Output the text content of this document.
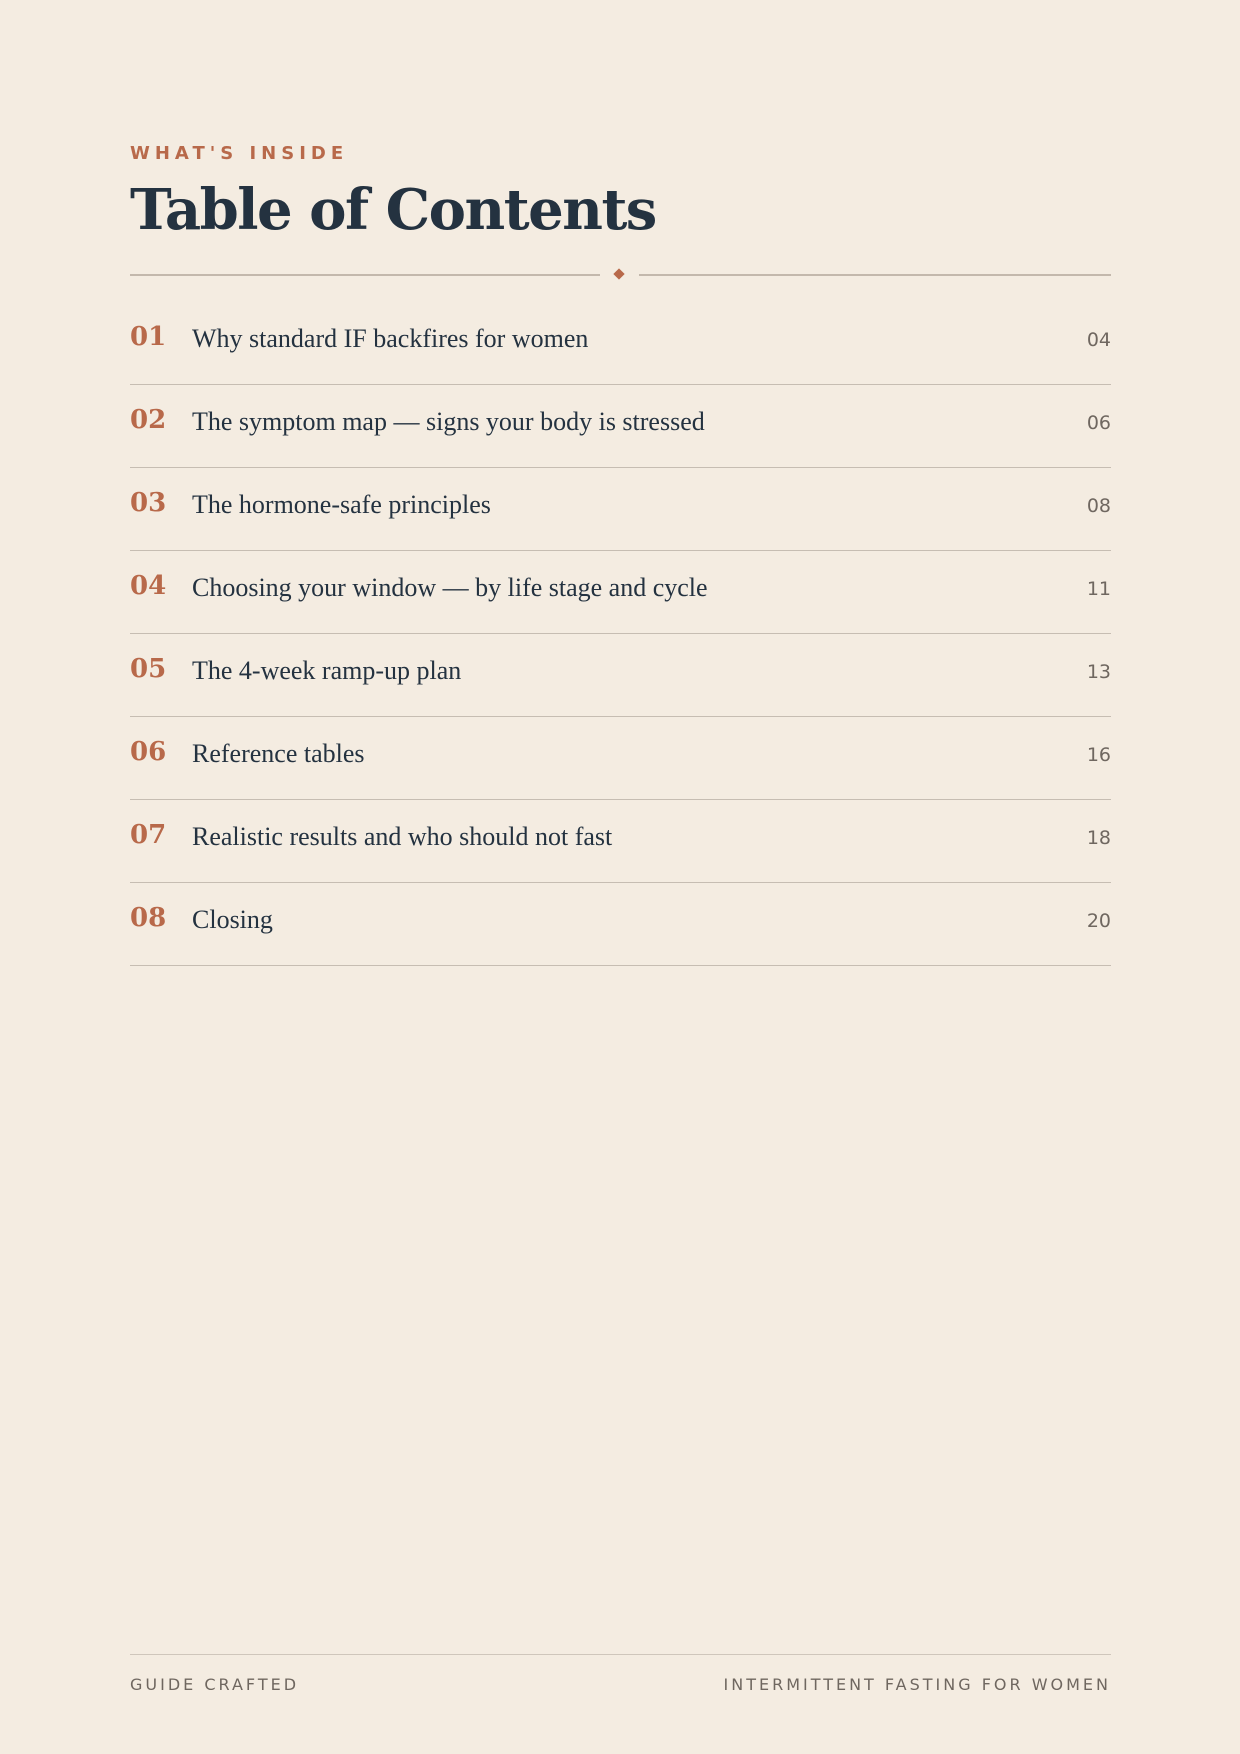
WHAT'S INSIDE
Table of Contents
01 Why standard IF backfires for women	04
02 The symptom map — signs your body is stressed	06
03 The hormone-safe principles	08
04 Choosing your window — by life stage and cycle	11
05 The 4-week ramp-up plan	13
06 Reference tables	16
07 Realistic results and who should not fast	18
08 Closing	20
GUIDE CRAFTED	INTERMITTENT FASTING FOR WOMEN
